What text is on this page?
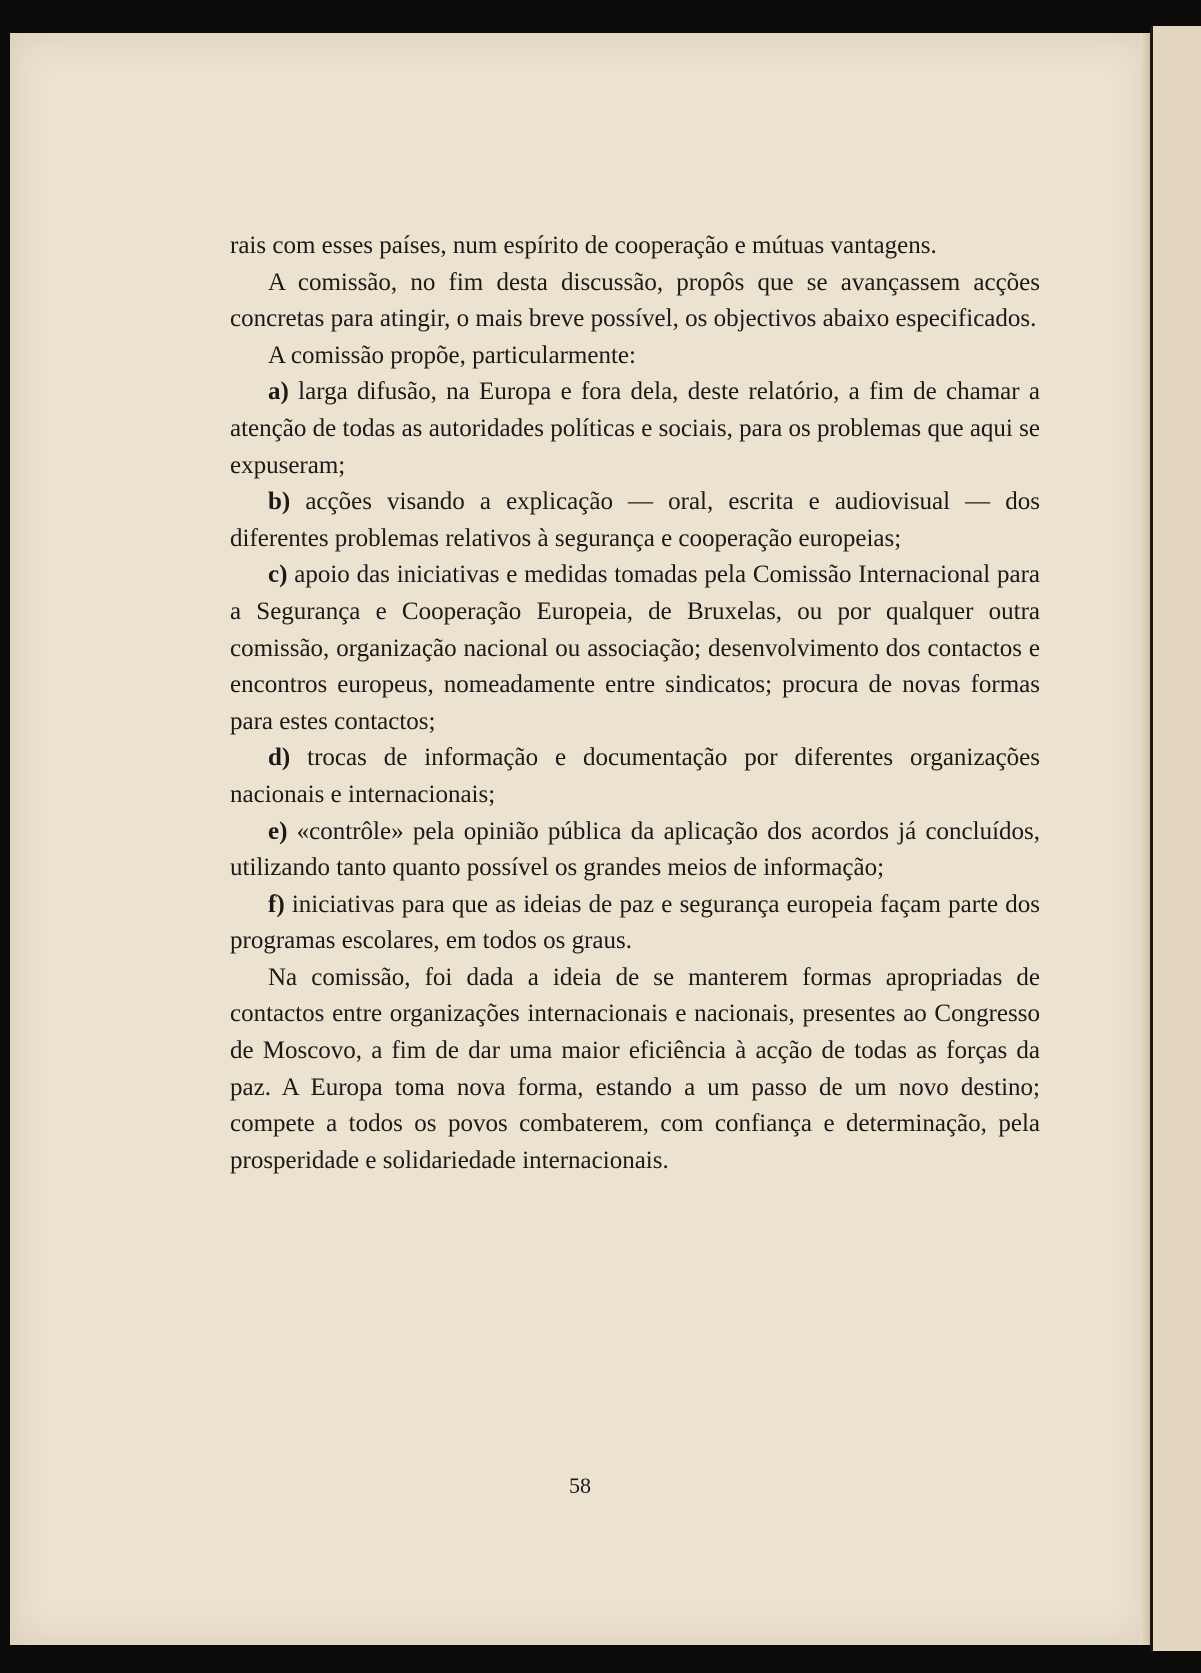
rais com esses países, num espírito de cooperação e mútuas vantagens.

A comissão, no fim desta discussão, propôs que se avançassem acções concretas para atingir, o mais breve possível, os objectivos abaixo especificados.

A comissão propõe, particularmente:

a) larga difusão, na Europa e fora dela, deste relatório, a fim de chamar a atenção de todas as autoridades políticas e sociais, para os problemas que aqui se expuseram;

b) acções visando a explicação — oral, escrita e audiovisual — dos diferentes problemas relativos à segurança e cooperação europeias;

c) apoio das iniciativas e medidas tomadas pela Comissão Internacional para a Segurança e Cooperação Europeia, de Bruxelas, ou por qualquer outra comissão, organização nacional ou associação; desenvolvimento dos contactos e encontros europeus, nomeadamente entre sindicatos; procura de novas formas para estes contactos;

d) trocas de informação e documentação por diferentes organizações nacionais e internacionais;

e) «contrôle» pela opinião pública da aplicação dos acordos já concluídos, utilizando tanto quanto possível os grandes meios de informação;

f) iniciativas para que as ideias de paz e segurança europeia façam parte dos programas escolares, em todos os graus.

Na comissão, foi dada a ideia de se manterem formas apropriadas de contactos entre organizações internacionais e nacionais, presentes ao Congresso de Moscovo, a fim de dar uma maior eficiência à acção de todas as forças da paz. A Europa toma nova forma, estando a um passo de um novo destino; compete a todos os povos combaterem, com confiança e determinação, pela prosperidade e solidariedade internacionais.

58
